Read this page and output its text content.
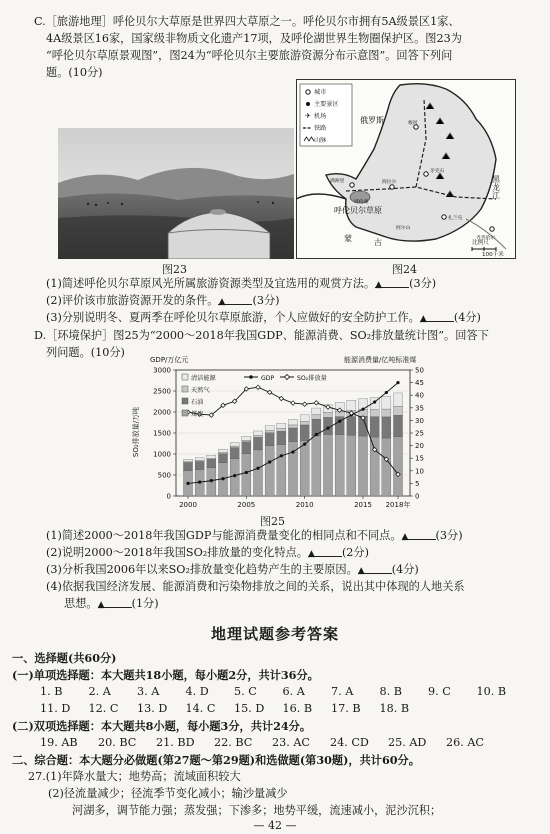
C.［旅游地理］呼伦贝尔大草原是世界四大草原之一。呼伦贝尔市拥有5A级景区1家、
4A级景区16家，国家级非物质文化遗产17项，及呼伦湖世界生物圈保护区。图23为
“呼伦贝尔草原景观图”，图24为“呼伦贝尔主要旅游资源分布示意图”。回答下列问
题。(10分)
图23
城市
主要景区
✈ 机场
铁路
山脉
俄罗斯
黑龙江
蒙	古
呼伦贝尔草原
呼伦湖
满洲里	海拉尔
牙克石
根河
扎兰屯
阿尔山
齐齐哈尔
比例尺
100千米
图24
(1)简述呼伦贝尔草原风光所属旅游资源类型及宜选用的观赏方法。▲ (3分)
(2)评价该市旅游资源开发的条件。▲ (3分)
(3)分别说明冬、夏两季在呼伦贝尔草原旅游，个人应做好的安全防护工作。▲ (4分)
D.［环境保护］图25为“2000～2018年我国GDP、能源消费、SO₂排放量统计图”。回答下
列问题。(10分)
GDP/万亿元	能源消费量/亿吨标准煤
SO₂排放量/万吨
0
500
1000
1500
2000
2500
3000
0
5
10
15
20
25
30
35
40
45
50
2000	2005	2010	2015 2018年
清洁能源
天然气
石油
煤炭
GDP	SO₂排放量
图25
(1)简述2000～2018年我国GDP与能源消费量变化的相同点和不同点。▲ (3分)
(2)说明2000～2018年我国SO₂排放量的变化特点。▲ (2分)
(3)分析我国2006年以来SO₂排放量变化趋势产生的主要原因。▲ (4分)
(4)依据我国经济发展、能源消费和污染物排放之间的关系，说出其中体现的人地关系
思想。▲ (1分)
地理试题参考答案
一、选择题(共60分)
(一)单项选择题：本大题共18小题，每小题2分，共计36分。
1. B 2. A 3. A 4. D 5. C 6. A 7. A 8. B 9. C 10. B
11. D 12. C 13. D 14. C 15. D 16. B 17. B 18. B
(二)双项选择题：本大题共8小题，每小题3分，共计24分。
19. AB 20. BC 21. BD 22. BC 23. AC 24. CD 25. AD 26. AC
二、综合题：本大题分必做题(第27题～第29题)和选做题(第30题)，共计60分。
27.(1)年降水量大；地势高；流域面积较大
(2)径流量减少；径流季节变化减小；输沙量减少
河湖多，调节能力强；蒸发强；下渗多；地势平缓，流速减小，泥沙沉积；
— 42 —
